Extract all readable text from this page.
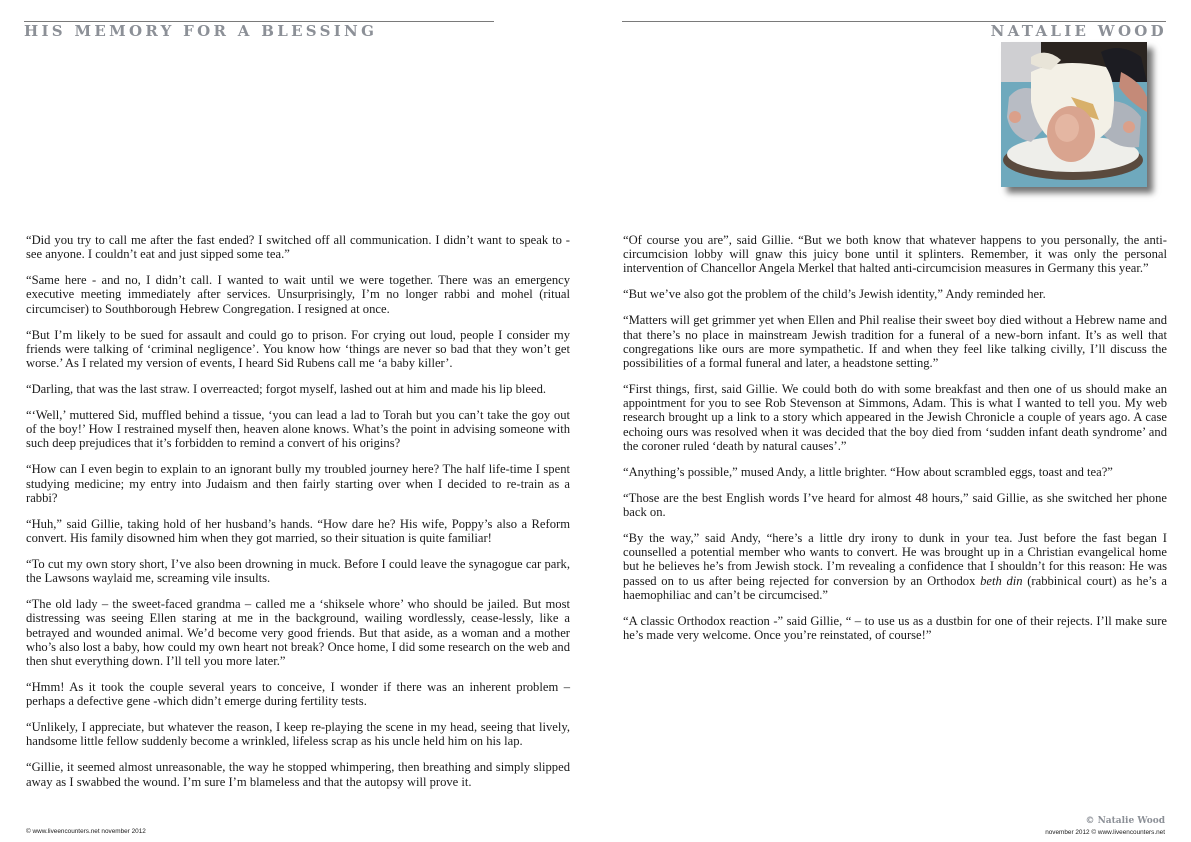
HIS MEMORY FOR A BLESSING

“Did you try to call me after the fast ended? I switched off all communication. I didn’t want to speak to - see anyone. I couldn’t eat and just sipped some tea.”

“Same here - and no, I didn’t call. I wanted to wait until we were together. There was an emergency executive meeting immediately after services. Unsurprisingly, I’m no longer rabbi and mohel (ritual circumciser) to Southborough Hebrew Congregation. I resigned at once.

“But I’m likely to be sued for assault and could go to prison. For crying out loud, people I consider my friends were talking of ‘criminal negligence’. You know how ‘things are never so bad that they won’t get worse.’ As I related my version of events, I heard Sid Rubens call me ‘a baby killer’.

“Darling, that was the last straw. I overreacted; forgot myself, lashed out at him and made his lip bleed.

“‘Well,’ muttered Sid, muffled behind a tissue, ‘you can lead a lad to Torah but you can’t take the goy out of the boy!’ How I restrained myself then, heaven alone knows. What’s the point in advising someone with such deep prejudices that it’s forbidden to remind a convert of his origins?

“How can I even begin to explain to an ignorant bully my troubled journey here? The half life-time I spent studying medicine; my entry into Judaism and then fairly starting over when I decided to re-train as a rabbi?

“Huh,” said Gillie, taking hold of her husband’s hands. “How dare he? His wife, Poppy’s also a Reform convert. His family disowned him when they got married, so their situation is quite familiar!

“To cut my own story short, I’ve also been drowning in muck. Before I could leave the synagogue car park, the Lawsons waylaid me, screaming vile insults.

“The old lady – the sweet-faced grandma – called me a ‘shiksele whore’ who should be jailed. But most distressing was seeing Ellen staring at me in the background, wailing wordlessly, cease-lessly, like a betrayed and wounded animal. We’d become very good friends. But that aside, as a woman and a mother who’s also lost a baby, how could my own heart not break? Once home, I did some research on the web and then shut everything down. I’ll tell you more later.”

“Hmm! As it took the couple several years to conceive, I wonder if there was an inherent problem – perhaps a defective gene -which didn’t emerge during fertility tests.

“Unlikely, I appreciate, but whatever the reason, I keep re-playing the scene in my head, seeing that lively, handsome little fellow suddenly become a wrinkled, lifeless scrap as his uncle held him on his lap.

“Gillie, it seemed almost unreasonable, the way he stopped whimpering, then breathing and simply slipped away as I swabbed the wound. I’m sure I’m blameless and that the autopsy will prove it.

© www.liveencounters.net november 2012
NATALIE WOOD

“Of course you are”, said Gillie. “But we both know that whatever happens to you personally, the anti-circumcision lobby will gnaw this juicy bone until it splinters. Remember, it was only the personal intervention of Chancellor Angela Merkel that halted anti-circumcision measures in Germany this year.”

“But we’ve also got the problem of the child’s Jewish identity,” Andy reminded her.

“Matters will get grimmer yet when Ellen and Phil realise their sweet boy died without a Hebrew name and that there’s no place in mainstream Jewish tradition for a funeral of a new-born infant. It’s as well that congregations like ours are more sympathetic. If and when they feel like talking civilly, I’ll discuss the possibilities of a formal funeral and later, a headstone setting.”

“First things, first, said Gillie. We could both do with some breakfast and then one of us should make an appointment for you to see Rob Stevenson at Simmons, Adam. This is what I wanted to tell you. My web research brought up a link to a story which appeared in the Jewish Chronicle a couple of years ago. A case echoing ours was resolved when it was decided that the boy died from ‘sudden infant death syndrome’ and the coroner ruled ‘death by natural causes’.”

“Anything’s possible,” mused Andy, a little brighter. “How about scrambled eggs, toast and tea?”

“Those are the best English words I’ve heard for almost 48 hours,” said Gillie, as she switched her phone back on.

“By the way,” said Andy, “here’s a little dry irony to dunk in your tea. Just before the fast began I counselled a potential member who wants to convert. He was brought up in a Christian evangelical home but he believes he’s from Jewish stock. I’m revealing a confidence that I shouldn’t for this reason: He was passed on to us after being rejected for conversion by an Orthodox beth din (rabbinical court) as he’s a haemophiliac and can’t be circumcised.”

“A classic Orthodox reaction -” said Gillie, “ – to use us as a dustbin for one of their rejects. I’ll make sure he’s made very welcome. Once you’re reinstated, of course!”

© Natalie Wood
november 2012 © www.liveencounters.net
